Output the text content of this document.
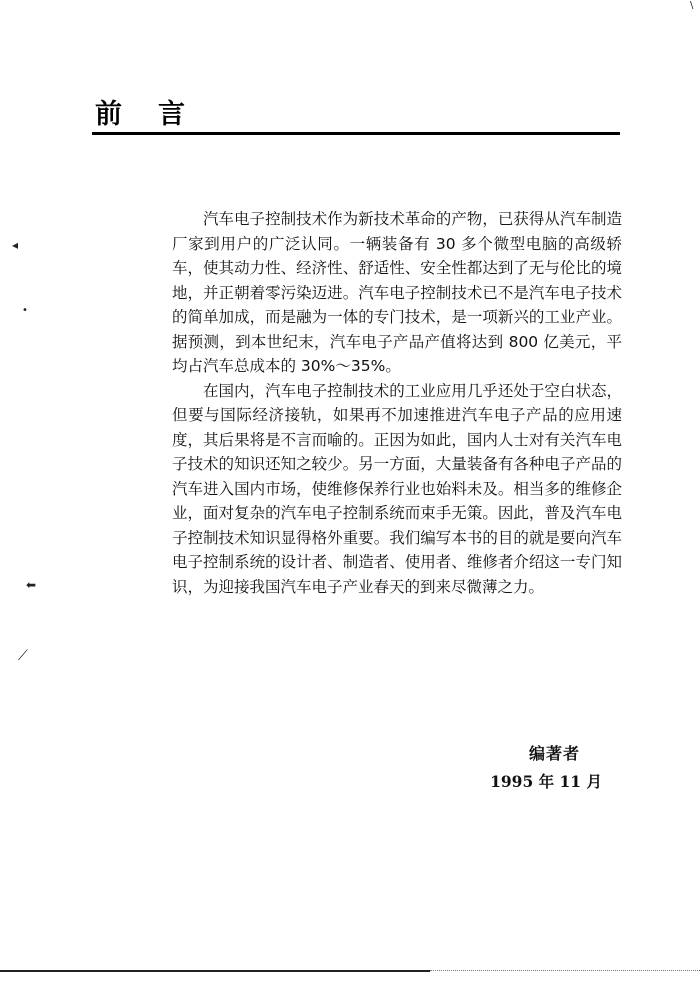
前言

汽车电子控制技术作为新技术革命的产物，已获得从汽车制造厂家到用户的广泛认同。一辆装备有 30 多个微型电脑的高级轿车，使其动力性、经济性、舒适性、安全性都达到了无与伦比的境地，并正朝着零污染迈进。汽车电子控制技术已不是汽车电子技术的简单加成，而是融为一体的专门技术，是一项新兴的工业产业。据预测，到本世纪末，汽车电子产品产值将达到 800 亿美元，平均占汽车总成本的 30%～35%。

在国内，汽车电子控制技术的工业应用几乎还处于空白状态，但要与国际经济接轨，如果再不加速推进汽车电子产品的应用速度，其后果将是不言而喻的。正因为如此，国内人士对有关汽车电子技术的知识还知之较少。另一方面，大量装备有各种电子产品的汽车进入国内市场，使维修保养行业也始料未及。相当多的维修企业，面对复杂的汽车电子控制系统而束手无策。因此，普及汽车电子控制技术知识显得格外重要。我们编写本书的目的就是要向汽车电子控制系统的设计者、制造者、使用者、维修者介绍这一专门知识，为迎接我国汽车电子产业春天的到来尽微薄之力。

编著者
1995 年 11 月
◂
•
⬅
⟋
\
